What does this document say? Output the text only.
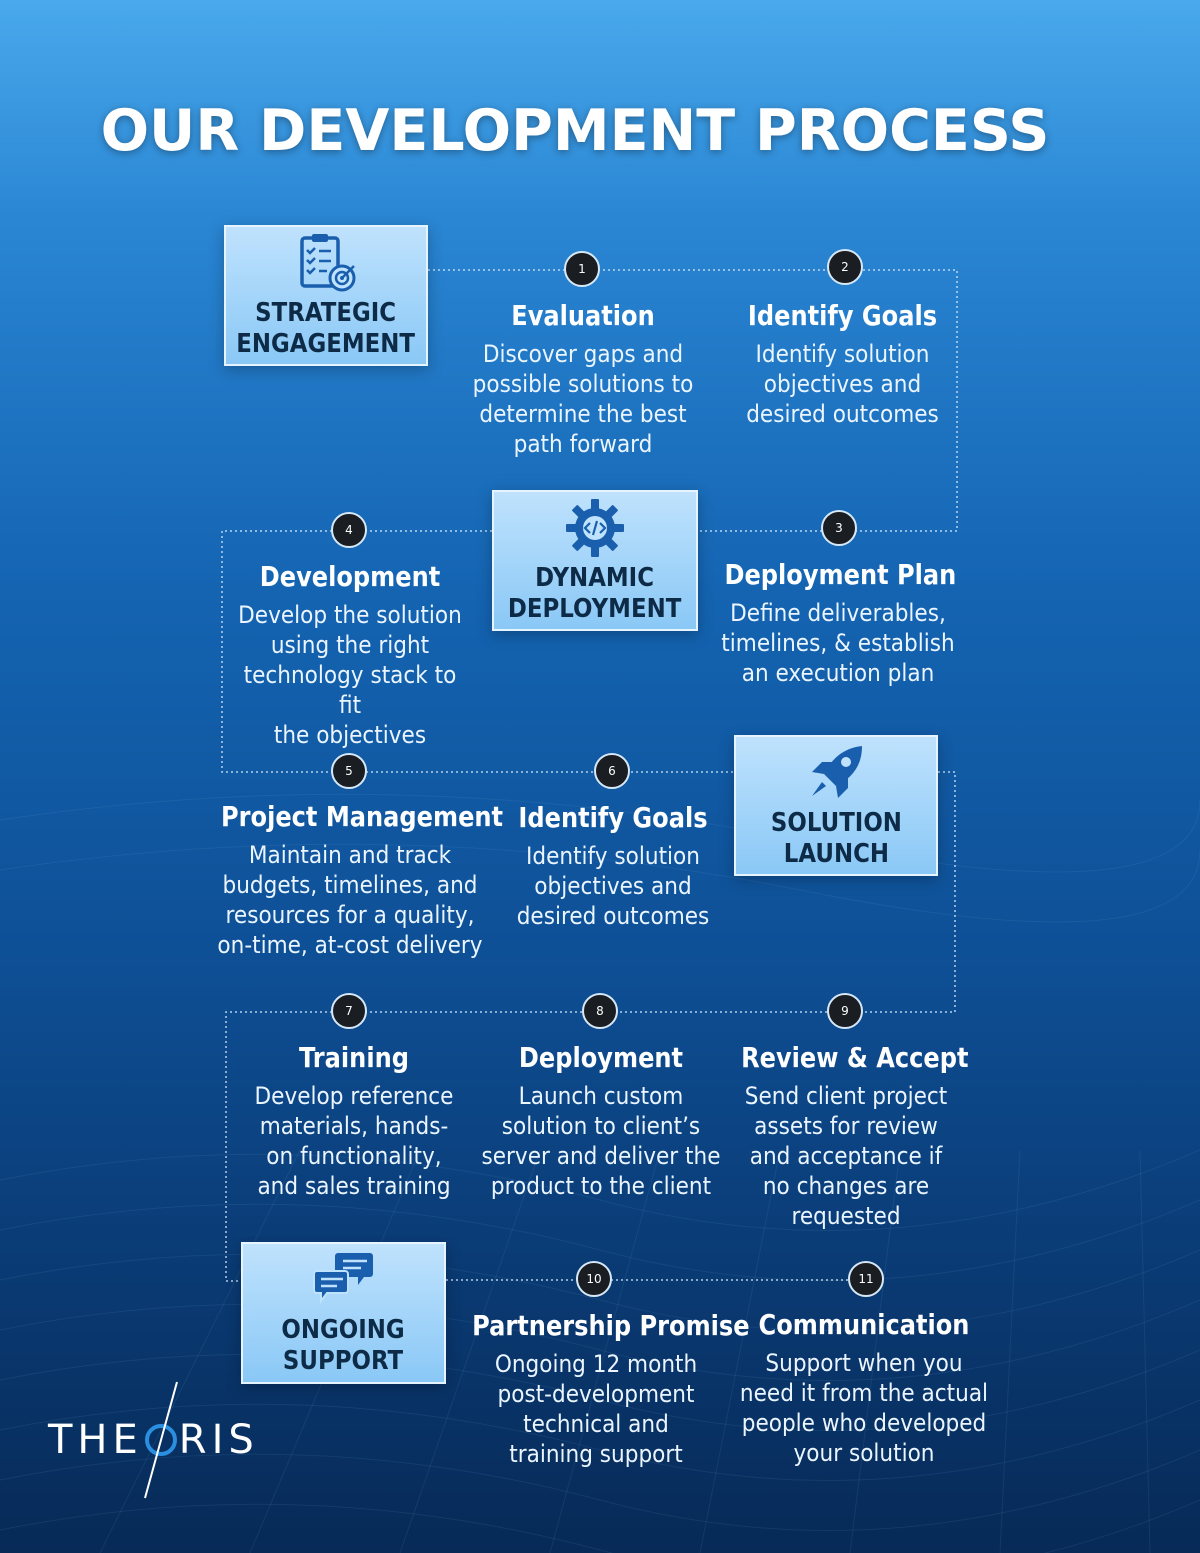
OUR DEVELOPMENT PROCESS
STRATEGIC
ENGAGEMENT
DYNAMIC
DEPLOYMENT
SOLUTION
LAUNCH
ONGOING
SUPPORT
1	2
3
4
5	6
7	8	9
10	11
Evaluation
Discover gaps and
possible solutions to
determine the best
path forward
Identify Goals
Identify solution
objectives and
desired outcomes
Deployment Plan
Define deliverables,
timelines, & establish
an execution plan
Development
Develop the solution
using the right
technology stack to fit
the objectives
Project Management
Maintain and track
budgets, timelines, and
resources for a quality,
on-time, at-cost delivery
Identify Goals
Identify solution
objectives and
desired outcomes
Training
Develop reference
materials, hands-
on functionality,
and sales training
Deployment
Launch custom
solution to client’s
server and deliver the
product to the client
Review & Accept
Send client project
assets for review
and acceptance if
no changes are
requested
Partnership Promise
Ongoing 12 month
post-development
technical and
training support
Communication
Support when you
need it from the actual
people who developed
your solution
THE RIS
